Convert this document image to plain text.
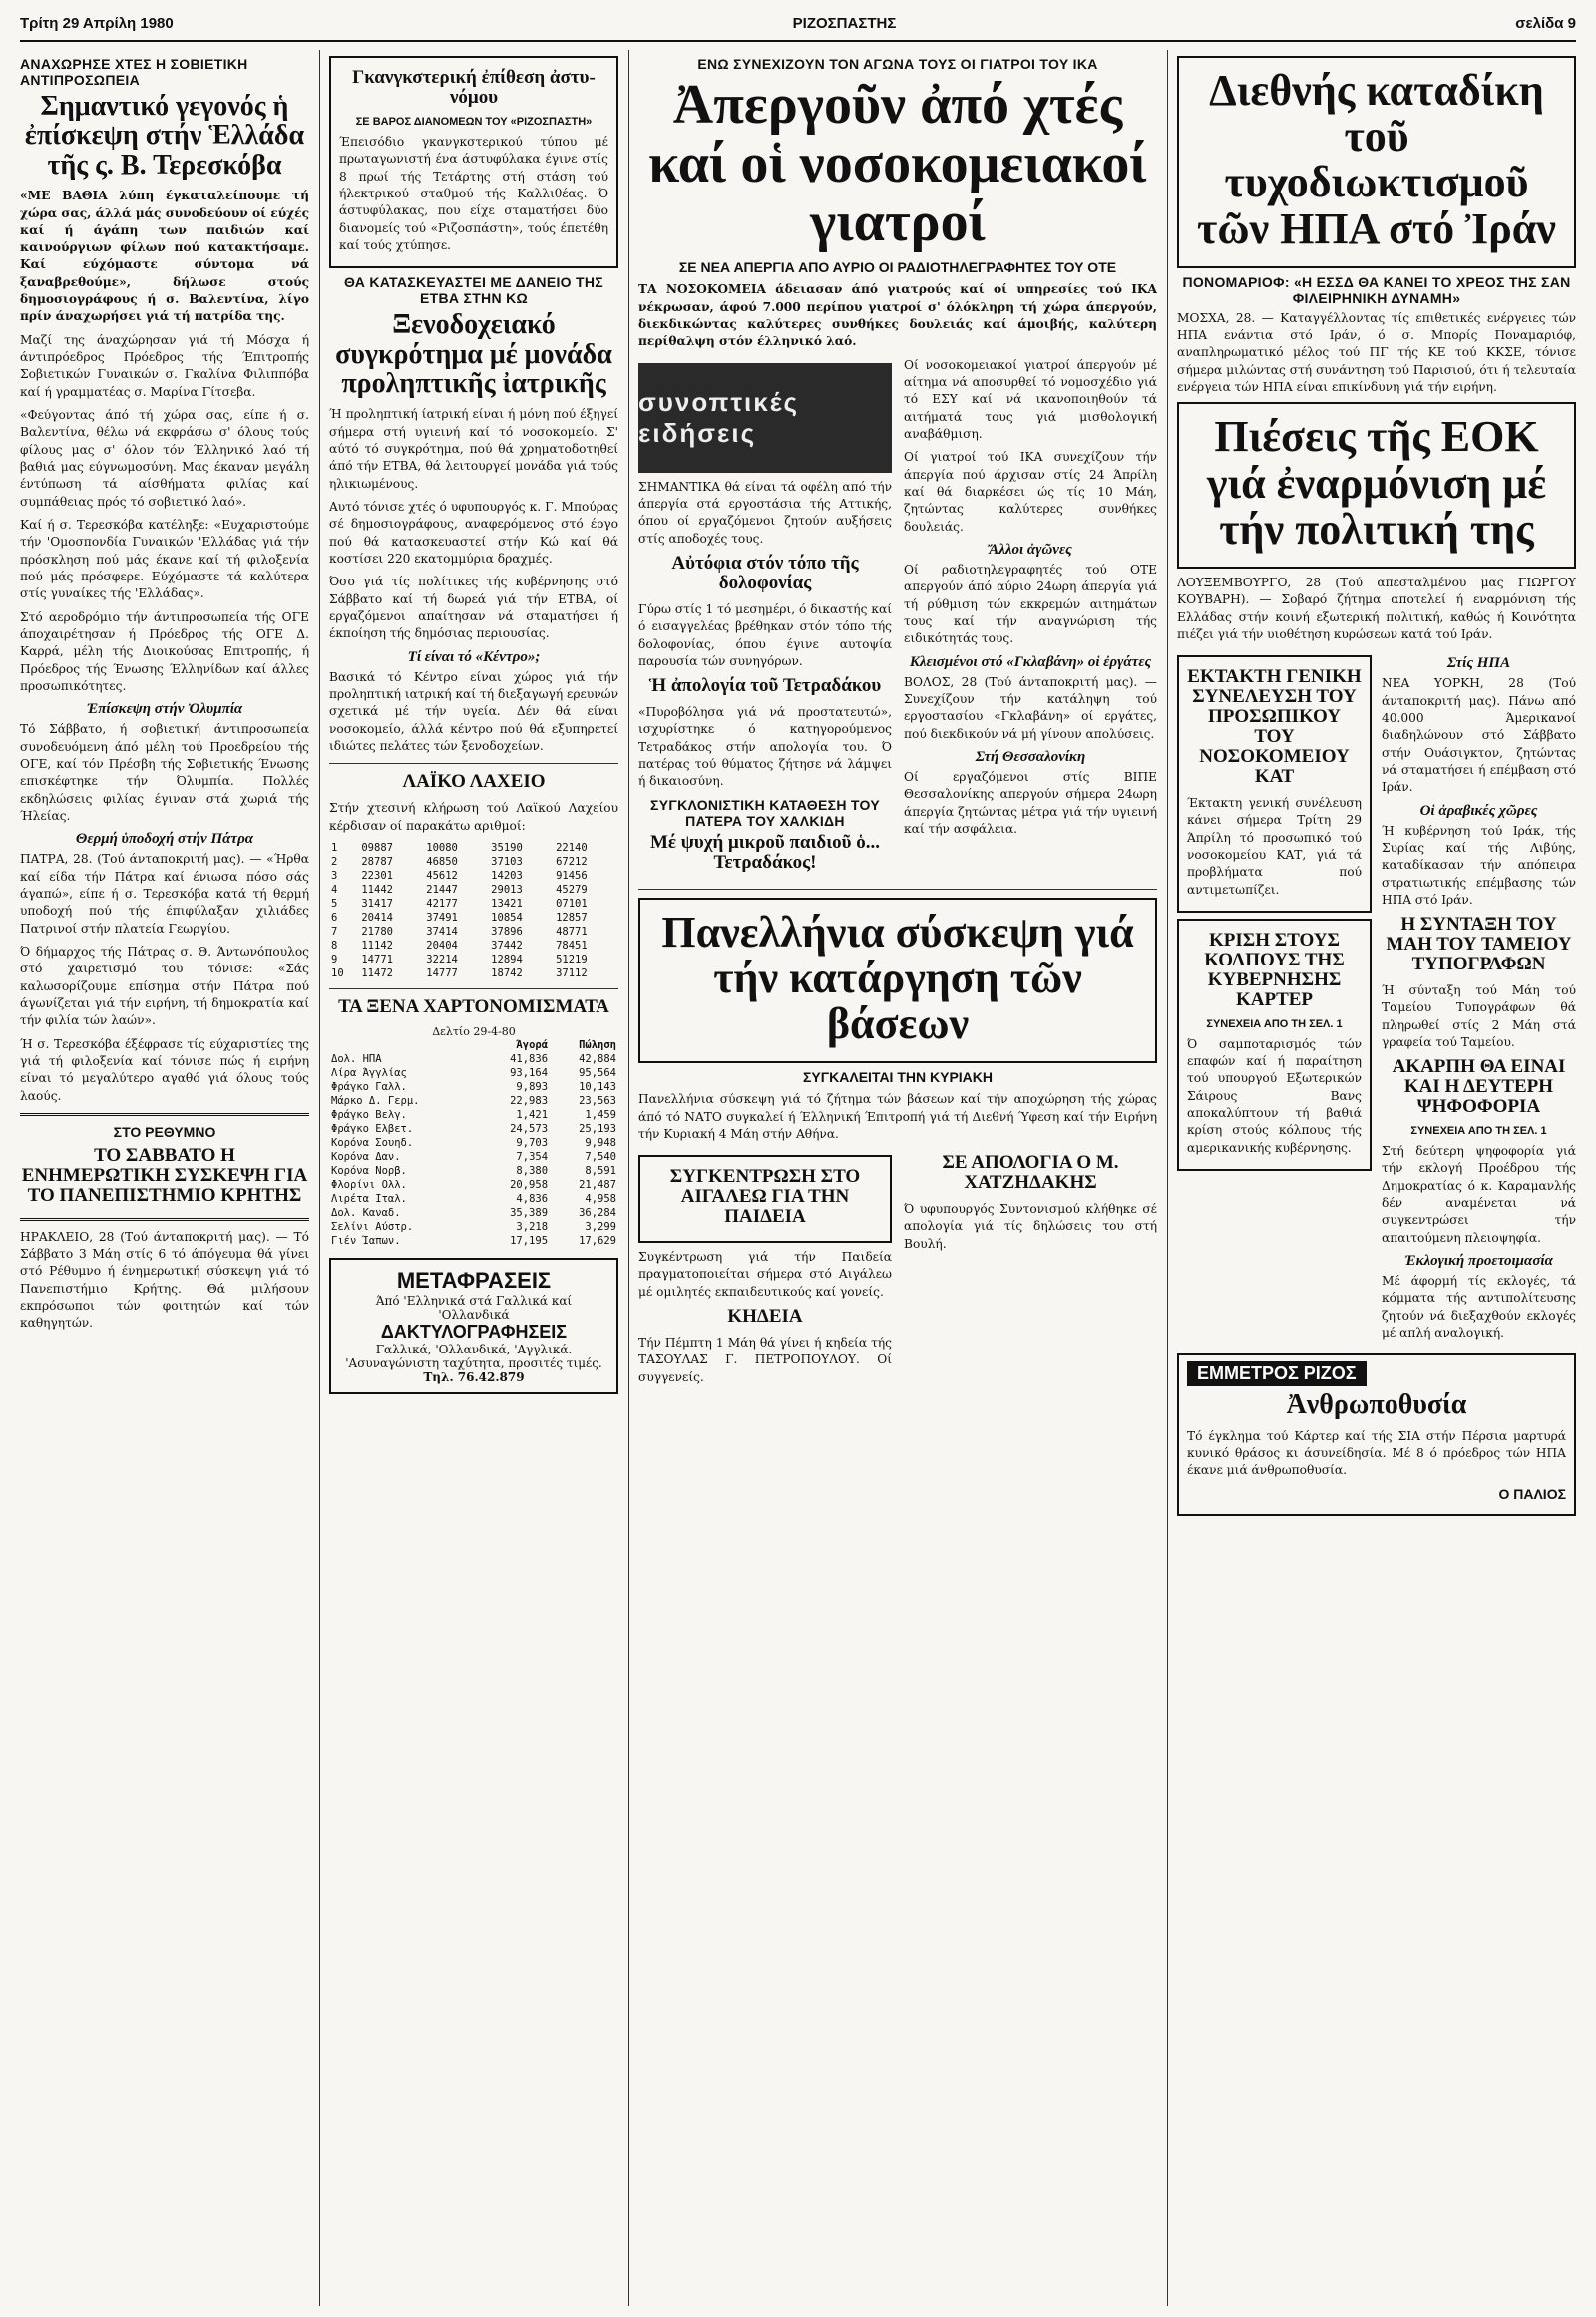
Τρίτη 29 Απρίλη 1980	ΡΙΖΟΣΠΑΣΤΗΣ	σελίδα 9
ΑΝΑΧΩΡΗΣΕ ΧΤΕΣ Η ΣΟΒΙΕΤΙΚΗ ΑΝΤΙΠΡΟΣΩΠΕΙΑ
Σημαντικό γεγονός ἡ ἐπίσκεψη στήν Ἑλλάδα τῆς ς. Β. Τερεσκόβα

«ΜΕ ΒΑΘΙΑ λύπη έγκαταλείπουμε τή χώρα σας, άλλά μάς συνοδεύουν οί εύχές καί ή άγάπη των παιδιών καί καινούργιων φίλων πού κατακτήσαμε. Καί εύχόμαστε σύντομα νά ξαναβρεθούμε», δήλωσε στούς δημοσιογράφους ή σ. Βαλεντίνα, λίγο πρίν άναχωρήσει γιά τή πατρίδα της.

Μαζί της άναχώρησαν γιά τή Μόσχα ή άντιπρόεδρος Πρόεδρος τής Έπιτροπής Σοβιετικών Γυναικών σ. Γκαλίνα Φιλιππόβα καί ή γραμματέας σ. Μαρίνα Γίτσεβα.

«Φεύγοντας άπό τή χώρα σας, είπε ή σ. Βαλεντίνα, θέλω νά εκφράσω σ' όλους τούς φίλους μας σ' όλον τόν Έλληνικό λαό τή βαθιά μας εύγνωμοσύνη. Μας έκαναν μεγάλη έντύπωση τά αίσθήματα φιλίας καί συμπάθειας πρός τό σοβιετικό λαό».

Καί ή σ. Τερεσκόβα κατέληξε: «Ευχαριστούμε τήν 'Ομοσπονδία Γυναικών 'Ελλάδας γιά τήν πρόσκληση πού μάς έκανε καί τή φιλοξενία πού μάς πρόσφερε. Εύχόμαστε τά καλύτερα στίς γυναίκες τής 'Ελλάδας».

Στό αεροδρόμιο τήν άντιπροσωπεία τής ΟΓΕ άποχαιρέτησαν ή Πρόεδρος τής ΟΓΕ Δ. Καρρά, μέλη τής Διοικούσας Επιτροπής, ή Πρόεδρος τής Ένωσης Έλληνίδων καί άλλες προσωπικότητες.

Ἐπίσκεψη στήν Ὀλυμπία

Τό Σάββατο, ή σοβιετική άντιπροσωπεία συνοδευόμενη άπό μέλη τού Προεδρείου τής ΟΓΕ, καί τόν Πρέσβη τής Σοβιετικής Ένωσης επισκέφτηκε τήν Όλυμπία. Πολλές εκδηλώσεις φιλίας έγιναν στά χωριά τής Ήλείας.

Θερμή ὑποδοχή στήν Πάτρα

ΠΑΤΡΑ, 28. (Τού άνταποκριτή μας). — «Ήρθα καί είδα τήν Πάτρα καί ένιωσα πόσο σάς άγαπώ», είπε ή σ. Τερεσκόβα κατά τή θερμή υποδοχή πού τής έπιφύλαξαν χιλιάδες Πατρινοί στήν πλατεία Γεωργίου.

Ό δήμαρχος τής Πάτρας σ. Θ. Άντωνόπουλος στό χαιρετισμό του τόνισε: «Σάς καλωσορίζουμε επίσημα στήν Πάτρα πού άγωνίζεται γιά τήν ειρήνη, τή δημοκρατία καί τήν φιλία τών λαών».

Ή σ. Τερεσκόβα έξέφρασε τίς εύχαριστίες της γιά τή φιλοξενία καί τόνισε πώς ή ειρήνη είναι τό μεγαλύτερο αγαθό γιά όλους τούς λαούς.

ΣΤΟ ΡΕΘΥΜΝΟ
ΤΟ ΣΑΒΒΑΤΟ Η ΕΝΗΜΕΡΩΤΙΚΗ ΣΥΣΚΕΨΗ ΓΙΑ ΤΟ ΠΑΝΕΠΙΣΤΗΜΙΟ ΚΡΗΤΗΣ

ΗΡΑΚΛΕΙΟ, 28 (Τού άνταποκριτή μας). — Τό Σάββατο 3 Μάη στίς 6 τό άπόγευμα θά γίνει στό Ρέθυμνο ή ένημερωτική σύσκεψη γιά τό Πανεπιστήμιο Κρήτης. Θά μιλήσουν εκπρόσωποι τών φοιτητών καί τών καθηγητών.

Γκανγκστερική ἐπίθεση ἀστυνόμου
ΣΕ ΒΑΡΟΣ ΔΙΑΝΟΜΕΩΝ ΤΟΥ «ΡΙΖΟΣΠΑΣΤΗ»

Έπεισόδιο γκανγκστερικού τύπου μέ πρωταγωνιστή ένα άστυφύλακα έγινε στίς 8 πρωί τής Τετάρτης στή στάση τού ήλεκτρικού σταθμού τής Καλλιθέας. Ό άστυφύλακας, που είχε σταματήσει δύο διανομείς τού «Ριζοσπάστη», τούς έπετέθη καί τούς χτύπησε.

ΘΑ ΚΑΤΑΣΚΕΥΑΣΤΕΙ ΜΕ ΔΑΝΕΙΟ ΤΗΣ ΕΤΒΑ ΣΤΗΝ ΚΩ
Ξενοδοχειακό συγκρότημα μέ μονάδα προληπτικῆς ἰατρικῆς

Ή προληπτική ίατρική είναι ή μόνη πού έξηγεί σήμερα στή υγιεινή καί τό νοσοκομείο. Σ' αύτό τό συγκρότημα, πού θά χρηματοδοτηθεί άπό τήν ΕΤΒΑ, θά λειτουργεί μονάδα γιά τούς ηλικιωμένους.

Αυτό τόνισε χτές ό υφυπουργός κ. Γ. Μπούρας σέ δημοσιογράφους, αναφερόμενος στό έργο πού θά κατασκευαστεί στήν Κώ καί θά κοστίσει 220 εκατομμύρια δραχμές.

Όσο γιά τίς πολίτικες τής κυβέρνησης στό Σάββατο καί τή δωρεά γιά τήν ΕΤΒΑ, οί εργαζόμενοι απαίτησαν νά σταματήσει ή έκποίηση τής δημόσιας περιουσίας.

Τί είναι τό «Κέντρο»;

Βασικά τό Κέντρο είναι χώρος γιά τήν προληπτική ιατρική καί τή διεξαγωγή ερευνών σχετικά μέ τήν υγεία. Δέν θά είναι νοσοκομείο, άλλά κέντρο πού θά εξυπηρετεί ιδιώτες πελάτες τών ξενοδοχείων.

ΛΑΪΚΟ ΛΑΧΕΙΟ

Στήν χτεσινή κλήρωση τού Λαϊκού Λαχείου κέρδισαν οί παρακάτω αριθμοί:

1	09887	10080	35190	22140
2	28787	46850	37103	67212
3	22301	45612	14203	91456
4	11442	21447	29013	45279
5	31417	42177	13421	07101
6	20414	37491	10854	12857
7	21780	37414	37896	48771
8	11142	20404	37442	78451
9	14771	32214	12894	51219
10	11472	14777	18742	37112
ΤΑ ΞΕΝΑ ΧΑΡΤΟΝΟΜΙΣΜΑΤΑ
Δελτίο 29-4-80
	Άγορά	Πώληση
Δολ. ΗΠΑ	41,836	42,884
Λίρα Άγγλίας	93,164	95,564
Φράγκο Γαλλ.	9,893	10,143
Μάρκο Δ. Γερμ.	22,983	23,563
Φράγκο Βελγ.	1,421	1,459
Φράγκο Ελβετ.	24,573	25,193
Κορόνα Σουηδ.	9,703	9,948
Κορόνα Δαν.	7,354	7,540
Κορόνα Νορβ.	8,380	8,591
Φλορίνι Ολλ.	20,958	21,487
Λιρέτα Ιταλ.	4,836	4,958
Δολ. Καναδ.	35,389	36,284
Σελίνι Αύστρ.	3,218	3,299
Γιέν Ίαπων.	17,195	17,629
ΜΕΤΑΦΡΑΣΕΙΣ
Άπό 'Ελληνικά στά Γαλλικά καί 'Ολλανδικά
ΔΑΚΤΥΛΟΓΡΑΦΗΣΕΙΣ
Γαλλικά, 'Ολλανδικά, 'Αγγλικά.
'Ασυναγώνιστη ταχύτητα, προσιτές τιμές.
Τηλ. 76.42.879
ΕΝΩ ΣΥΝΕΧΙΖΟΥΝ ΤΟΝ ΑΓΩΝΑ ΤΟΥΣ ΟΙ ΓΙΑΤΡΟΙ ΤΟΥ ΙΚΑ
Ἀπεργοῦν ἀπό χτές καί οἱ νοσοκομειακοί γιατροί
ΣΕ ΝΕΑ ΑΠΕΡΓΙΑ ΑΠΟ ΑΥΡΙΟ ΟΙ ΡΑΔΙΟΤΗΛΕΓΡΑΦΗΤΕΣ ΤΟΥ ΟΤΕ

ΤΑ ΝΟΣΟΚΟΜΕΙΑ άδειασαν άπό γιατρούς καί οί υπηρεσίες τού ΙΚΑ νέκρωσαν, άφού 7.000 περίπου γιατροί σ' όλόκληρη τή χώρα άπεργούν, διεκδικώντας καλύτερες συνθήκες δουλειάς καί άμοιβής, καλύτερη περίθαλψη στόν έλληνικό λαό.

συνοπτικές ειδήσεις

ΣΗΜΑΝΤΙΚΑ θά είναι τά οφέλη από τήν άπεργία στά εργοστάσια τής Αττικής, όπου οί εργαζόμενοι ζητούν αυξήσεις στίς αποδοχές τους.

Αὐτόφια στόν τόπο τῆς δολοφονίας

Γύρω στίς 1 τό μεσημέρι, ό δικαστής καί ό εισαγγελέας βρέθηκαν στόν τόπο τής δολοφονίας, όπου έγινε αυτοψία παρουσία τών συνηγόρων.

Ἡ ἀπολογία τοῦ Τετραδάκου

«Πυροβόλησα γιά νά προστατευτώ», ισχυρίστηκε ό κατηγορούμενος Τετραδάκος στήν απολογία του. Ό πατέρας τού θύματος ζήτησε νά λάμψει ή δικαιοσύνη.

ΣΥΓΚΛΟΝΙΣΤΙΚΗ ΚΑΤΑΘΕΣΗ ΤΟΥ ΠΑΤΕΡΑ ΤΟΥ ΧΑΛΚΙΔΗ
Μέ ψυχή μικροῦ παιδιοῦ ὁ... Τετραδάκος!

Οί νοσοκομειακοί γιατροί άπεργούν μέ αίτημα νά αποσυρθεί τό νομοσχέδιο γιά τό ΕΣΥ καί νά ικανοποιηθούν τά αιτήματά τους γιά μισθολογική αναβάθμιση.

Οί γιατροί τού ΙΚΑ συνεχίζουν τήν άπεργία πού άρχισαν στίς 24 Άπρίλη καί θά διαρκέσει ώς τίς 10 Μάη, ζητώντας καλύτερες συνθήκες δουλειάς.

Ἄλλοι ἀγῶνες

Οί ραδιοτηλεγραφητές τού ΟΤΕ απεργούν άπό αύριο 24ωρη άπεργία γιά τή ρύθμιση τών εκκρεμών αιτημάτων τους καί τήν αναγνώριση τής ειδικότητάς τους.

Κλεισμένοι στό «Γκλαβάνη» οἱ ἐργάτες

ΒΟΛΟΣ, 28 (Τού άνταποκριτή μας). — Συνεχίζουν τήν κατάληψη τού εργοστασίου «Γκλαβάνη» οί εργάτες, πού διεκδικούν νά μή γίνουν απολύσεις.

Στή Θεσσαλονίκη

Οί εργαζόμενοι στίς ΒΙΠΕ Θεσσαλονίκης απεργούν σήμερα 24ωρη άπεργία ζητώντας μέτρα γιά τήν υγιεινή καί τήν ασφάλεια.

Πανελλήνια σύσκεψη γιά τήν κατάργηση τῶν βάσεων
ΣΥΓΚΑΛΕΙΤΑΙ ΤΗΝ ΚΥΡΙΑΚΗ

Πανελλήνια σύσκεψη γιά τό ζήτημα τών βάσεων καί τήν αποχώρηση τής χώρας άπό τό ΝΑΤΟ συγκαλεί ή Έλληνική Έπιτροπή γιά τή Διεθνή Ύφεση καί τήν Ειρήνη τήν Κυριακή 4 Μάη στήν Αθήνα.

ΣΥΓΚΕΝΤΡΩΣΗ ΣΤΟ ΑΙΓΑΛΕΩ ΓΙΑ ΤΗΝ ΠΑΙΔΕΙΑ

Συγκέντρωση γιά τήν Παιδεία πραγματοποιείται σήμερα στό Αιγάλεω μέ ομιλητές εκπαιδευτικούς καί γονείς.

ΚΗΔΕΙΑ

Τήν Πέμπτη 1 Μάη θά γίνει ή κηδεία τής ΤΑΣΟΥΛΑΣ Γ. ΠΕΤΡΟΠΟΥΛΟΥ. Οί συγγενείς.

ΣΕ ΑΠΟΛΟΓΙΑ Ο Μ. ΧΑΤΖΗΔΑΚΗΣ

Ό υφυπουργός Συντονισμού κλήθηκε σέ απολογία γιά τίς δηλώσεις του στή Βουλή.

Διεθνής καταδίκη τοῦ τυχοδιωκτισμοῦ τῶν ΗΠΑ στό Ἰράν
ΠΟΝΟΜΑΡΙΟΦ: «Η ΕΣΣΔ ΘΑ ΚΑΝΕΙ ΤΟ ΧΡΕΟΣ ΤΗΣ ΣΑΝ ΦΙΛΕΙΡΗΝΙΚΗ ΔΥΝΑΜΗ»

ΜΟΣΧΑ, 28. — Καταγγέλλοντας τίς επιθετικές ενέργειες τών ΗΠΑ ενάντια στό Ιράν, ό σ. Μπορίς Ποναμαριόφ, αναπληρωματικό μέλος τού ΠΓ τής ΚΕ τού ΚΚΣΕ, τόνισε σήμερα μιλώντας στή συνάντηση τού Παρισιού, ότι ή τελευταία ενέργεια τών ΗΠΑ είναι επικίνδυνη γιά τήν ειρήνη.

Πιέσεις τῆς ΕΟΚ γιά ἐναρμόνιση μέ τήν πολιτική της

ΛΟΥΞΕΜΒΟΥΡΓΟ, 28 (Τού απεσταλμένου μας ΓΙΩΡΓΟΥ ΚΟΥΒΑΡΗ). — Σοβαρό ζήτημα αποτελεί ή εναρμόνιση τής Ελλάδας στήν κοινή εξωτερική πολιτική, καθώς ή Κοινότητα πιέζει γιά τήν υιοθέτηση κυρώσεων κατά τού Ιράν.

ΕΚΤΑΚΤΗ ΓΕΝΙΚΗ ΣΥΝΕΛΕΥΣΗ ΤΟΥ ΠΡΟΣΩΠΙΚΟΥ ΤΟΥ ΝΟΣΟΚΟΜΕΙΟΥ ΚΑΤ

Έκτακτη γενική συνέλευση κάνει σήμερα Τρίτη 29 Άπρίλη τό προσωπικό τού νοσοκομείου ΚΑΤ, γιά τά προβλήματα πού αντιμετωπίζει.

ΚΡΙΣΗ ΣΤΟΥΣ ΚΟΛΠΟΥΣ ΤΗΣ ΚΥΒΕΡΝΗΣΗΣ ΚΑΡΤΕΡ
ΣΥΝΕΧΕΙΑ ΑΠΟ ΤΗ ΣΕΛ. 1

Ό σαμποταρισμός τών επαφών καί ή παραίτηση τού υπουργού Εξωτερικών Σάιρους Βανς αποκαλύπτουν τή βαθιά κρίση στούς κόλπους τής αμερικανικής κυβέρνησης.

Στίς ΗΠΑ

ΝΕΑ ΥΟΡΚΗ, 28 (Τού άνταποκριτή μας). Πάνω από 40.000 Άμερικανοί διαδηλώνουν στό Σάββατο στήν Ουάσιγκτον, ζητώντας νά σταματήσει ή επέμβαση στό Ιράν.

Οἱ ἀραβικές χῶρες

Ή κυβέρνηση τού Ιράκ, τής Συρίας καί τής Λιβύης, καταδίκασαν τήν απόπειρα στρατιωτικής επέμβασης τών ΗΠΑ στό Ιράν.

Η ΣΥΝΤΑΞΗ ΤΟΥ ΜΑΗ ΤΟΥ ΤΑΜΕΙΟΥ ΤΥΠΟΓΡΑΦΩΝ

Ή σύνταξη τού Μάη τού Ταμείου Τυπογράφων θά πληρωθεί στίς 2 Μάη στά γραφεία τού Ταμείου.

ΑΚΑΡΠΗ ΘΑ ΕΙΝΑΙ ΚΑΙ Η ΔΕΥΤΕΡΗ ΨΗΦΟΦΟΡΙΑ
ΣΥΝΕΧΕΙΑ ΑΠΟ ΤΗ ΣΕΛ. 1

Στή δεύτερη ψηφοφορία γιά τήν εκλογή Προέδρου τής Δημοκρατίας ό κ. Καραμανλής δέν αναμένεται νά συγκεντρώσει τήν απαιτούμενη πλειοψηφία.

Ἐκλογική προετοιμασία

Μέ άφορμή τίς εκλογές, τά κόμματα τής αντιπολίτευσης ζητούν νά διεξαχθούν εκλογές μέ απλή αναλογική.

ΕΜΜΕΤΡΟΣ ΡΙΖΟΣ
Ἀνθρωποθυσία

Τό έγκλημα τού Κάρτερ καί τής ΣΙΑ στήν Πέρσια μαρτυρά κυνικό θράσος κι άσυνείδησία. Μέ 8 ό πρόεδρος τών ΗΠΑ έκανε μιά άνθρωποθυσία.

Ο ΠΑΛΙΟΣ
